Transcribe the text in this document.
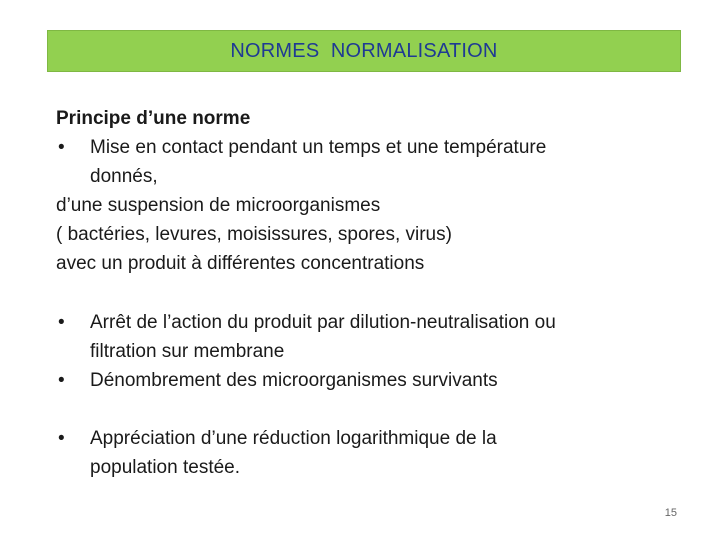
NORMES  NORMALISATION
Principe d’une norme
•	Mise en contact pendant un temps et une température
donnés,
d’une suspension de microorganismes
( bactéries, levures, moisissures, spores, virus)
avec un produit à différentes concentrations
•	Arrêt de l’action du produit par dilution-neutralisation ou
filtration sur membrane
•	Dénombrement des microorganismes survivants
•	Appréciation d’une réduction logarithmique de la
population testée.
15
